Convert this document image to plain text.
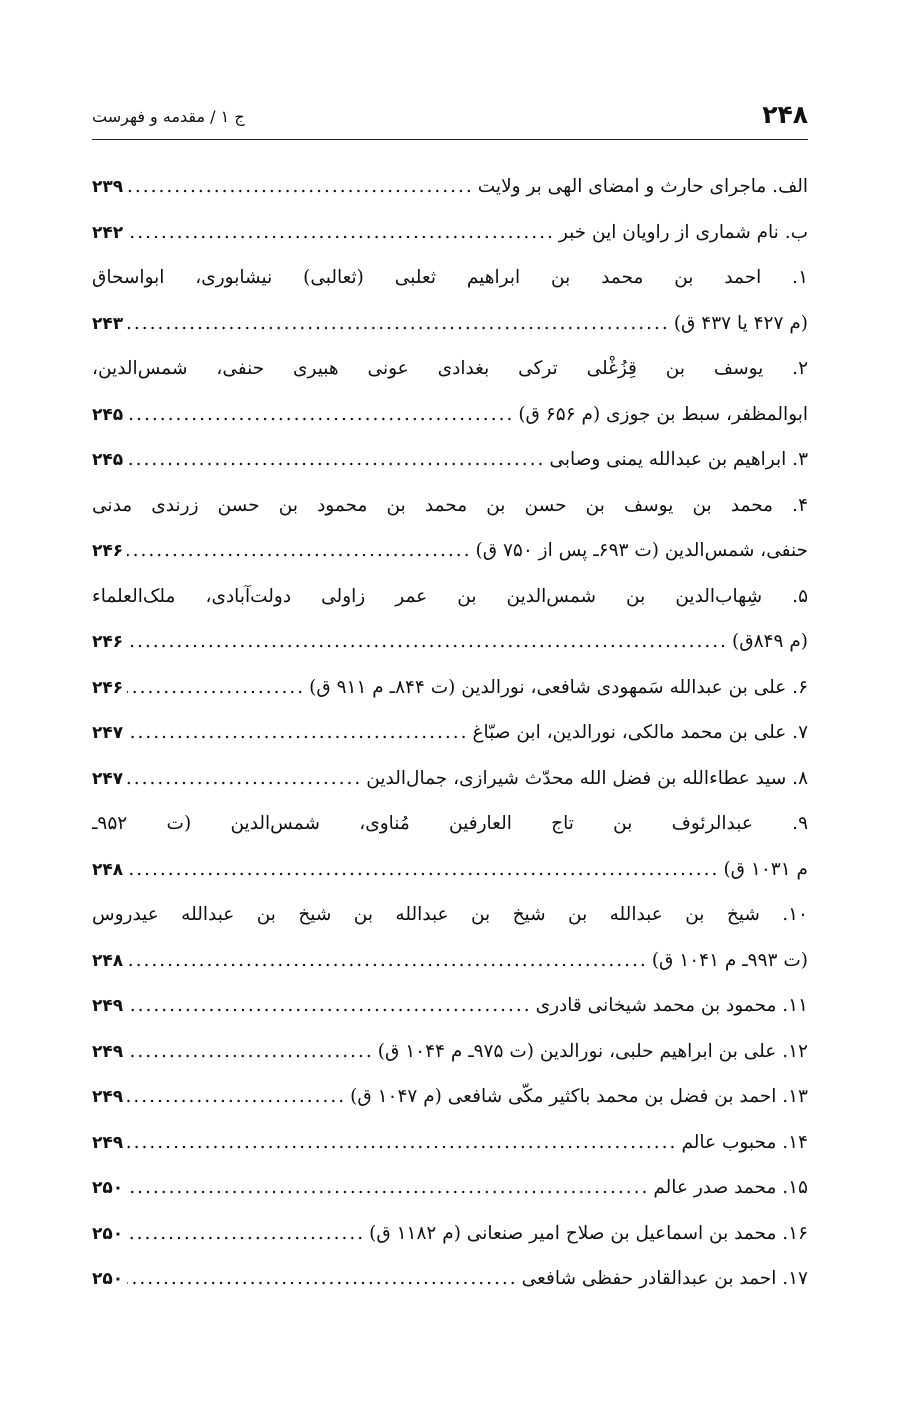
۲۴۸
ج ۱ / مقدمه و فهرست
الف. ماجرای حارث و امضای الهی بر ولایت
.....
۲۳۹
ب. نام شماری از راویان این خبر
.....
۲۴۲
۱. احمد بن محمد بن ابراهیم ثعلبی (ثعالبی) نیشابوری، ابواسحاق
(م ۴۲۷ یا ۴۳۷ ق)
.....
۲۴۳
۲. یوسف بن قِزُغْلی ترکی بغدادی عونی هبیری حنفی، شمس‌الدین،
ابوالمظفر، سبط بن جوزی (م ۶۵۶ ق)
.....
۲۴۵
۳. ابراهیم بن عبدالله یمنی وصابی
.....
۲۴۵
۴. محمد بن یوسف بن حسن بن محمد بن محمود بن حسن زرندی مدنی
حنفی، شمس‌الدین (ت ۶۹۳ـ پس از ۷۵۰ ق)
.....
۲۴۶
۵. شِهاب‌الدین بن شمس‌الدین بن عمر زاولی دولت‌آبادی، ملک‌العلماء
(م ۸۴۹ق)
.....
۲۴۶
۶. علی بن عبدالله سَمهودی شافعی، نورالدین (ت ۸۴۴ـ م ۹۱۱ ق)
.....
۲۴۶
۷. علی بن محمد مالکی، نورالدین، ابن صبّاغ
.....
۲۴۷
۸. سید عطاءالله بن فضل الله محدّث شیرازی، جمال‌الدین
.....
۲۴۷
۹. عبدالرئوف بن تاج العارفین مُناوی، شمس‌الدین (ت ۹۵۲ـ
م ۱۰۳۱ ق)
.....
۲۴۸
۱۰. شیخ بن عبدالله بن شیخ بن عبدالله بن شیخ بن عبدالله عیدروس
(ت ۹۹۳ـ م ۱۰۴۱ ق)
.....
۲۴۸
۱۱. محمود بن محمد شیخانی قادری
.....
۲۴۹
۱۲. علی بن ابراهیم حلبی، نورالدین (ت ۹۷۵ـ م ۱۰۴۴ ق)
.....
۲۴۹
۱۳. احمد بن فضل بن محمد باکثیر مکّی شافعی (م ۱۰۴۷ ق)
.....
۲۴۹
۱۴. محبوب عالم
.....
۲۴۹
۱۵. محمد صدر عالم
.....
۲۵۰
۱۶. محمد بن اسماعیل بن صلاح امیر صنعانی (م ۱۱۸۲ ق)
.....
۲۵۰
۱۷. احمد بن عبدالقادر حفظی شافعی
.....
۲۵۰
